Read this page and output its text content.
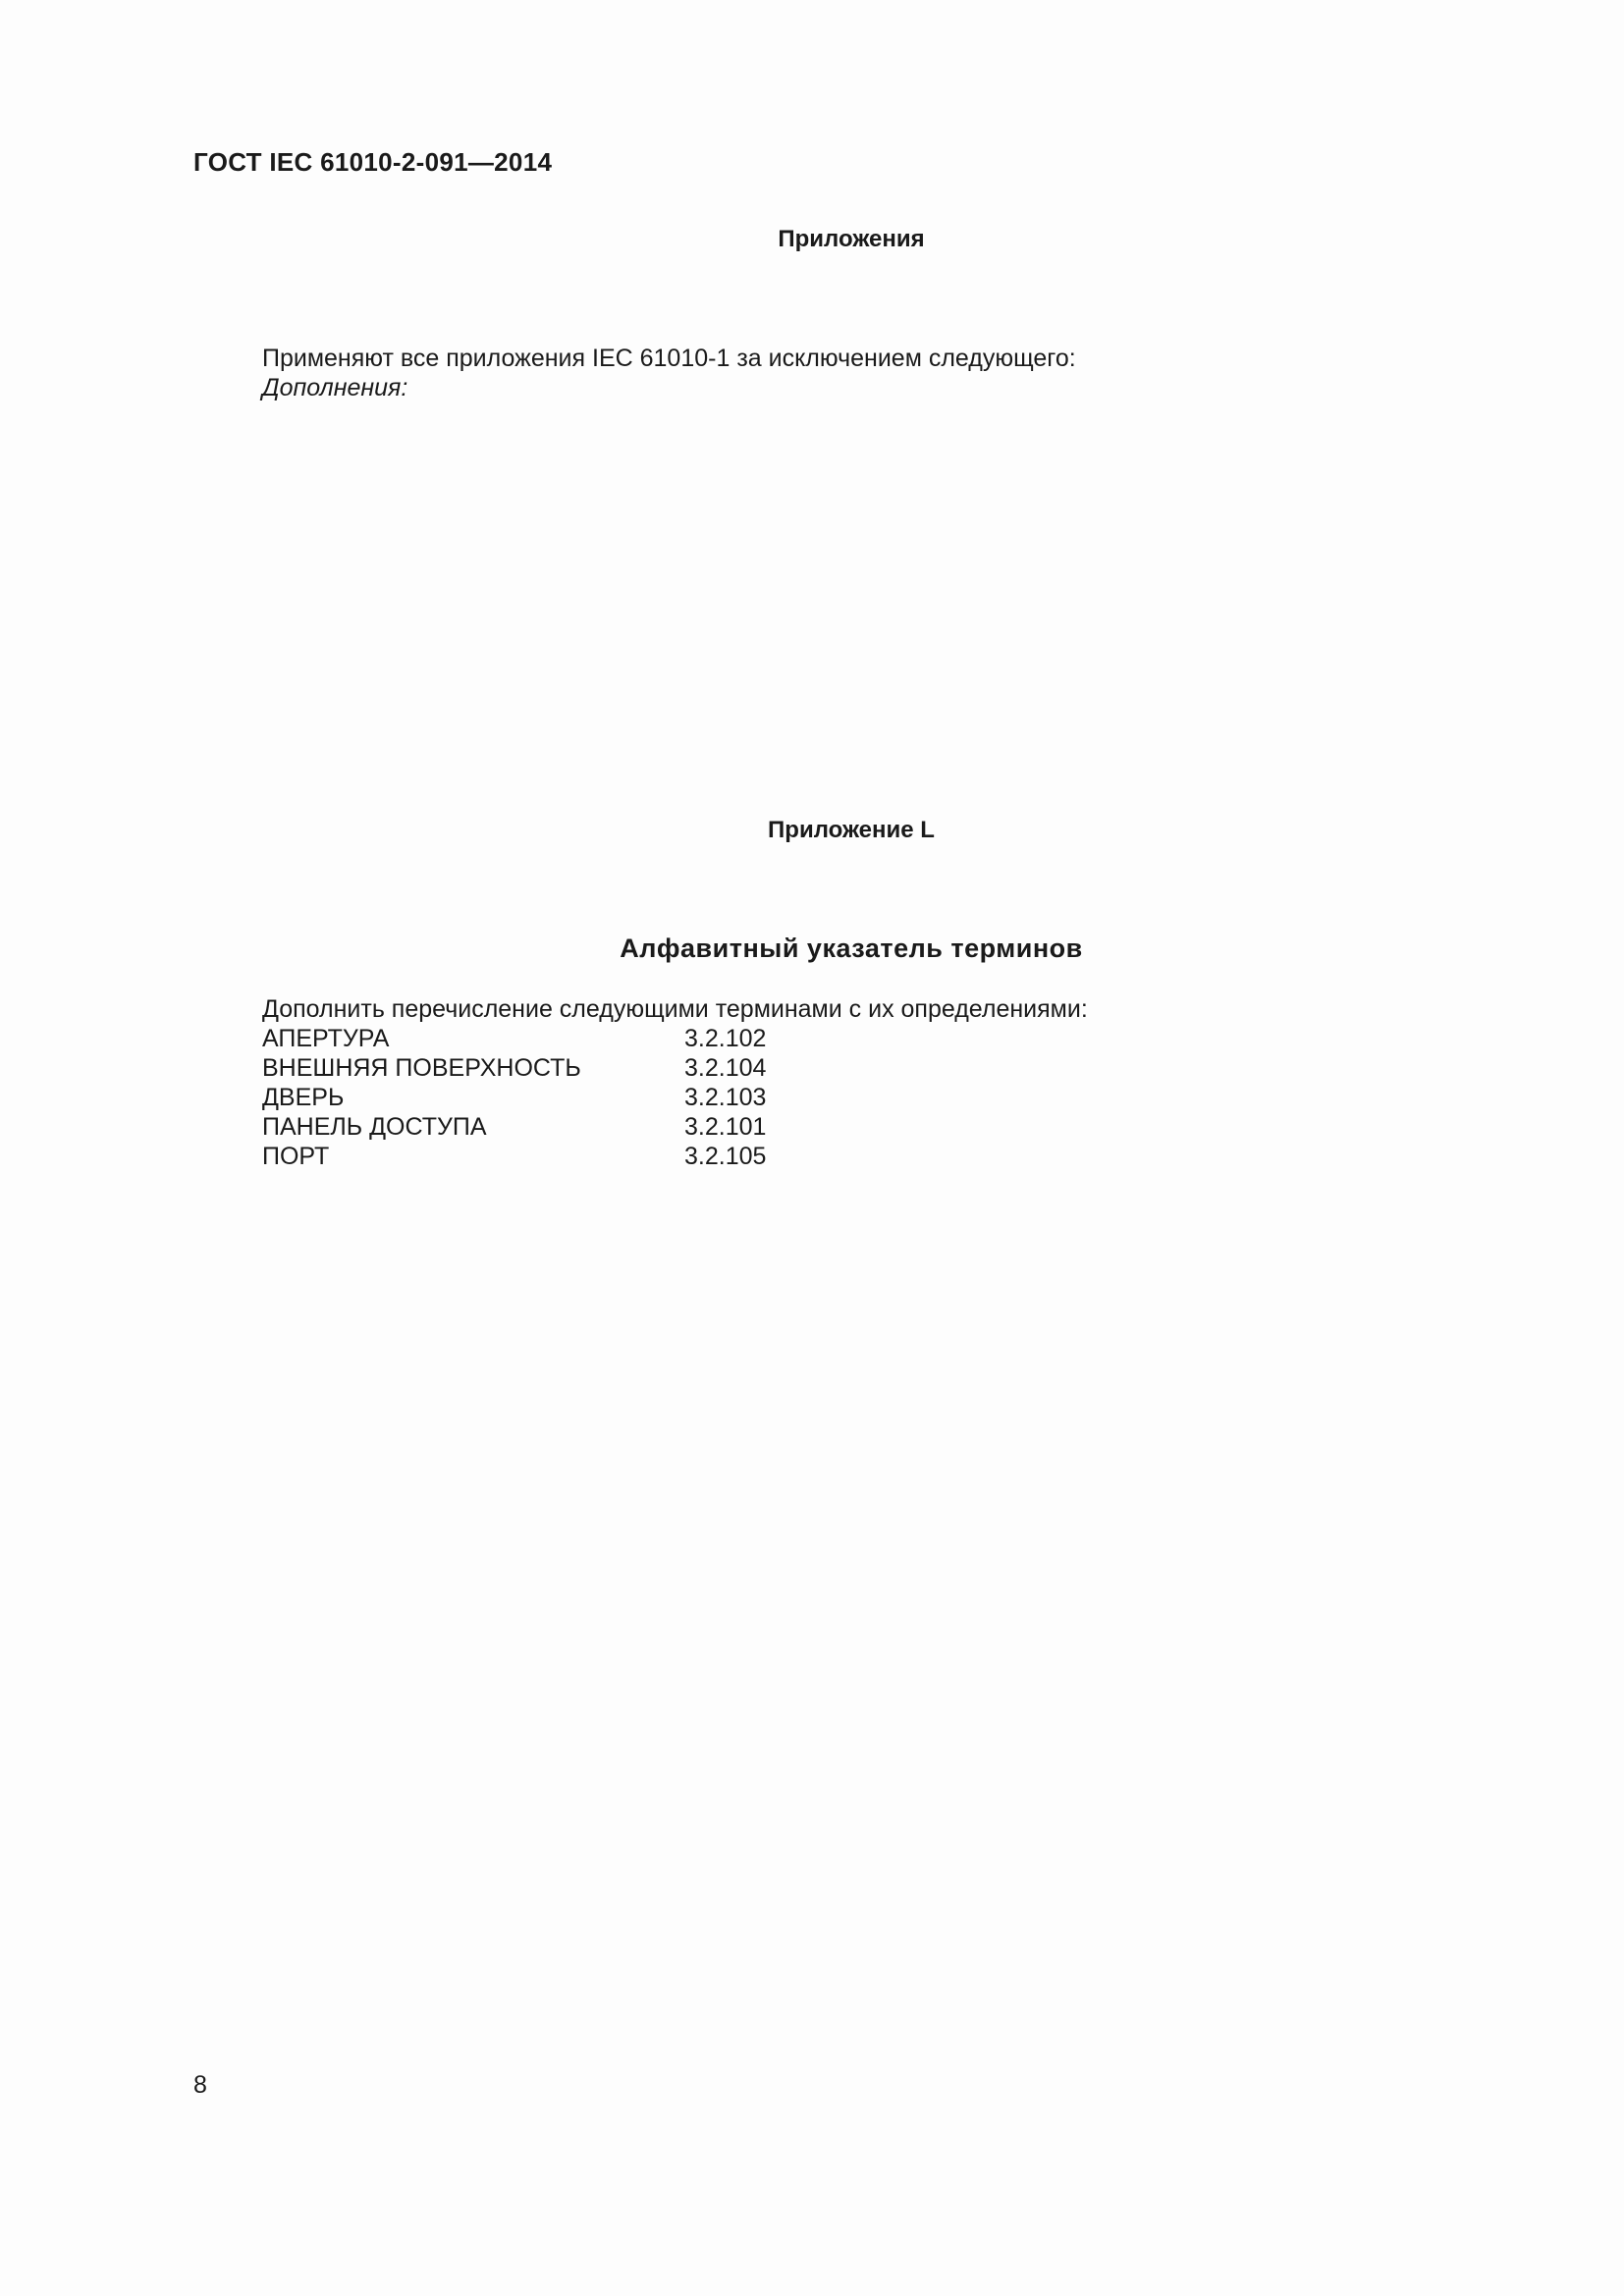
ГОСТ IEC 61010-2-091—2014
Приложения
Применяют все приложения IEC 61010-1 за исключением следующего:
Дополнения:
Приложение L
Алфавитный указатель терминов
Дополнить перечисление следующими терминами с их определениями:
АПЕРТУРА	3.2.102
ВНЕШНЯЯ ПОВЕРХНОСТЬ	3.2.104
ДВЕРЬ	3.2.103
ПАНЕЛЬ ДОСТУПА	3.2.101
ПОРТ	3.2.105
8
